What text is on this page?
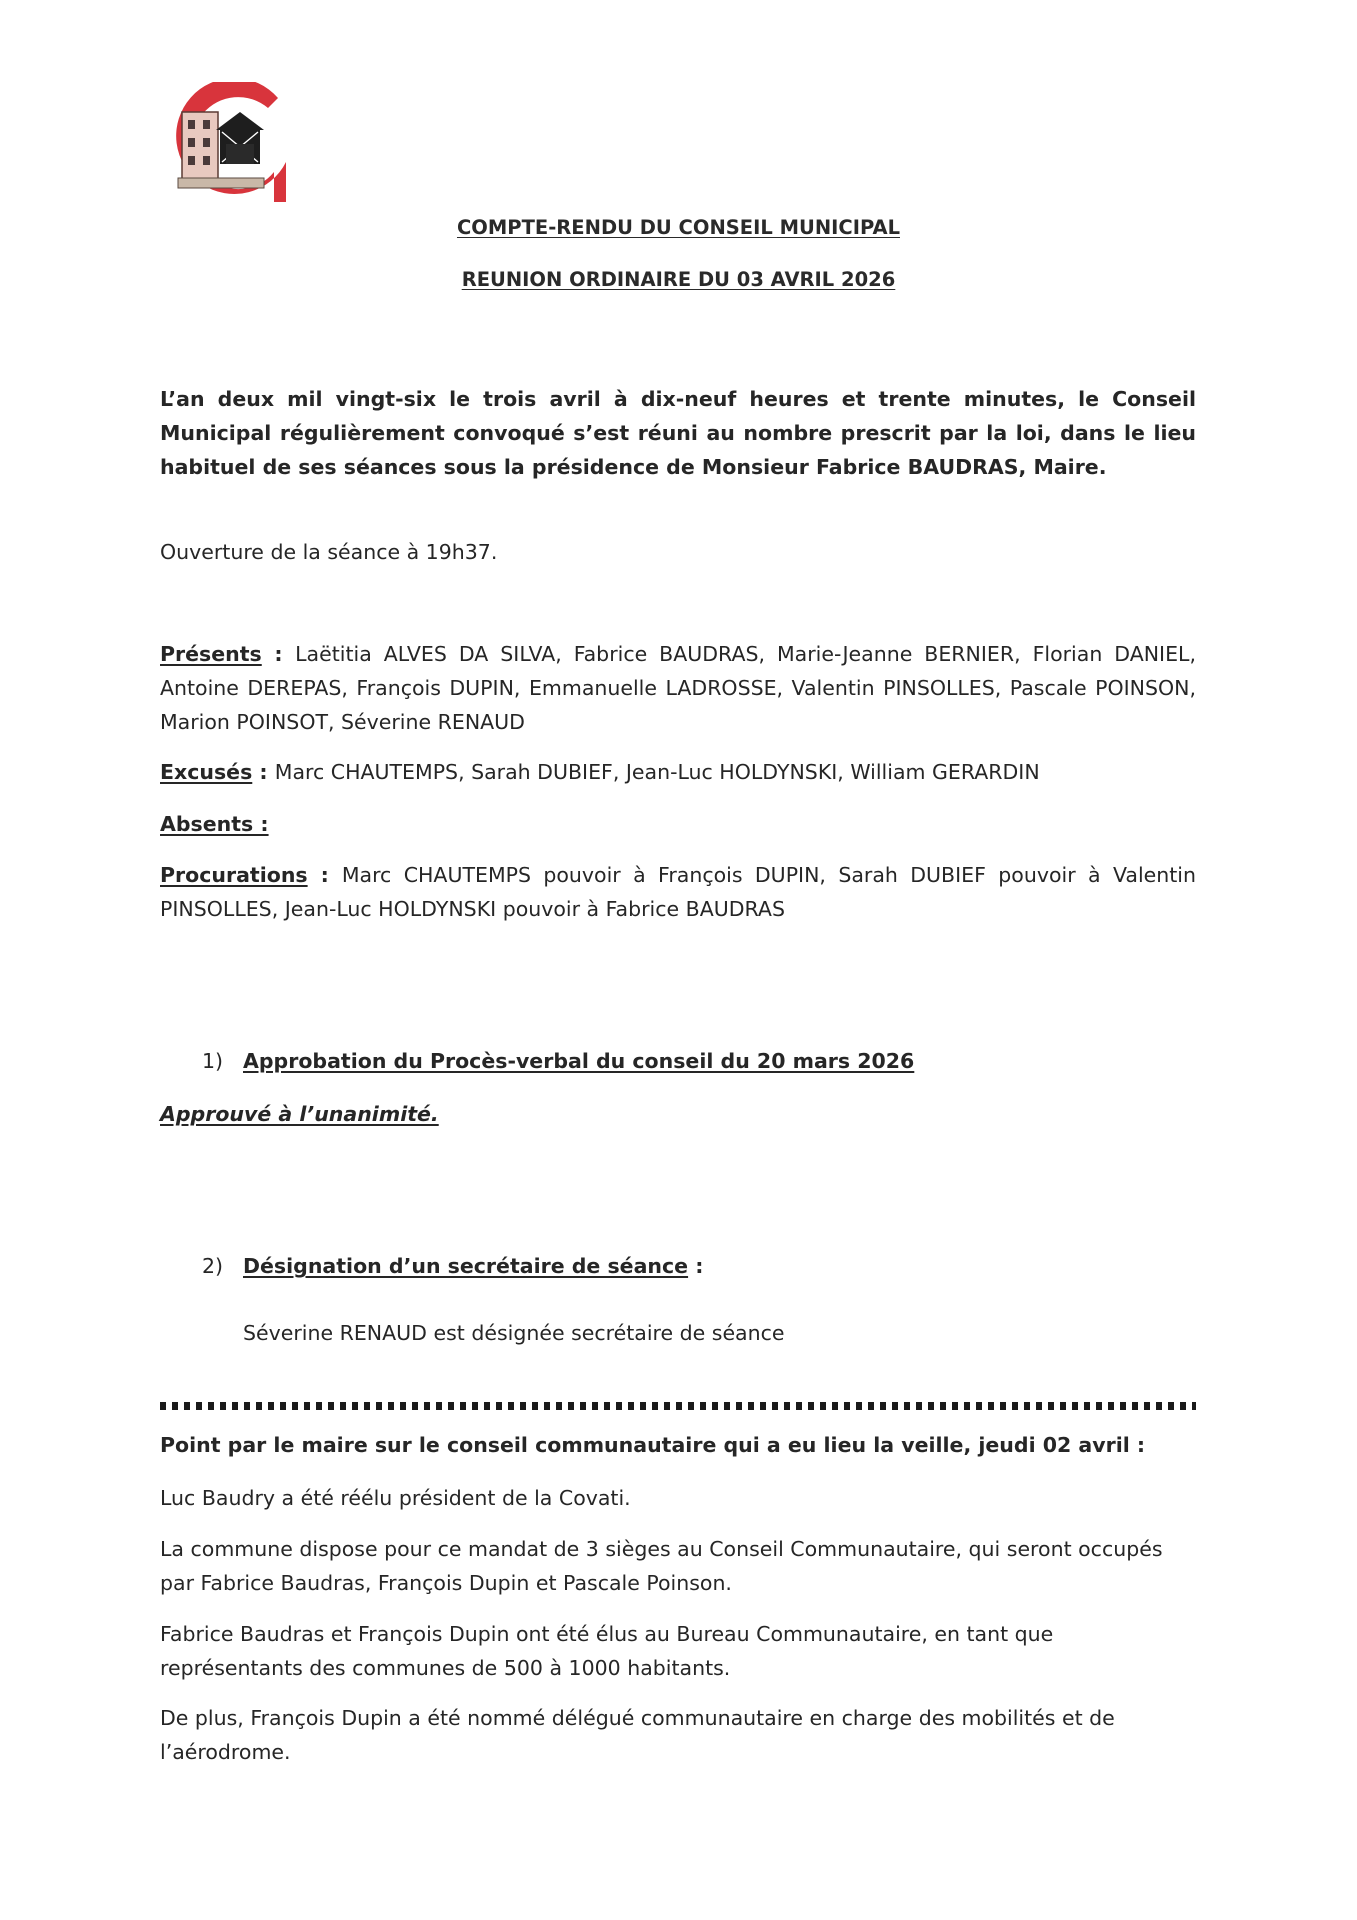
COMPTE-RENDU DU CONSEIL MUNICIPAL

REUNION ORDINAIRE DU 03 AVRIL 2026

L’an deux mil vingt-six le trois avril à dix-neuf heures et trente minutes, le Conseil Municipal régulièrement convoqué s’est réuni au nombre prescrit par la loi, dans le lieu habituel de ses séances sous la présidence de Monsieur Fabrice BAUDRAS, Maire.

Ouverture de la séance à 19h37.

Présents : Laëtitia ALVES DA SILVA, Fabrice BAUDRAS, Marie-Jeanne BERNIER, Florian DANIEL, Antoine DEREPAS, François DUPIN, Emmanuelle LADROSSE, Valentin PINSOLLES, Pascale POINSON, Marion POINSOT, Séverine RENAUD

Excusés : Marc CHAUTEMPS, Sarah DUBIEF, Jean-Luc HOLDYNSKI, William GERARDIN

Absents :

Procurations : Marc CHAUTEMPS pouvoir à François DUPIN, Sarah DUBIEF pouvoir à Valentin PINSOLLES, Jean-Luc HOLDYNSKI pouvoir à Fabrice BAUDRAS

1) Approbation du Procès-verbal du conseil du 20 mars 2026

Approuvé à l’unanimité.

2) Désignation d’un secrétaire de séance :

Séverine RENAUD est désignée secrétaire de séance

Point par le maire sur le conseil communautaire qui a eu lieu la veille, jeudi 02 avril :

Luc Baudry a été réélu président de la Covati.

La commune dispose pour ce mandat de 3 sièges au Conseil Communautaire, qui seront occupés par Fabrice Baudras, François Dupin et Pascale Poinson.

Fabrice Baudras et François Dupin ont été élus au Bureau Communautaire, en tant que représentants des communes de 500 à 1000 habitants.

De plus, François Dupin a été nommé délégué communautaire en charge des mobilités et de l’aérodrome.
